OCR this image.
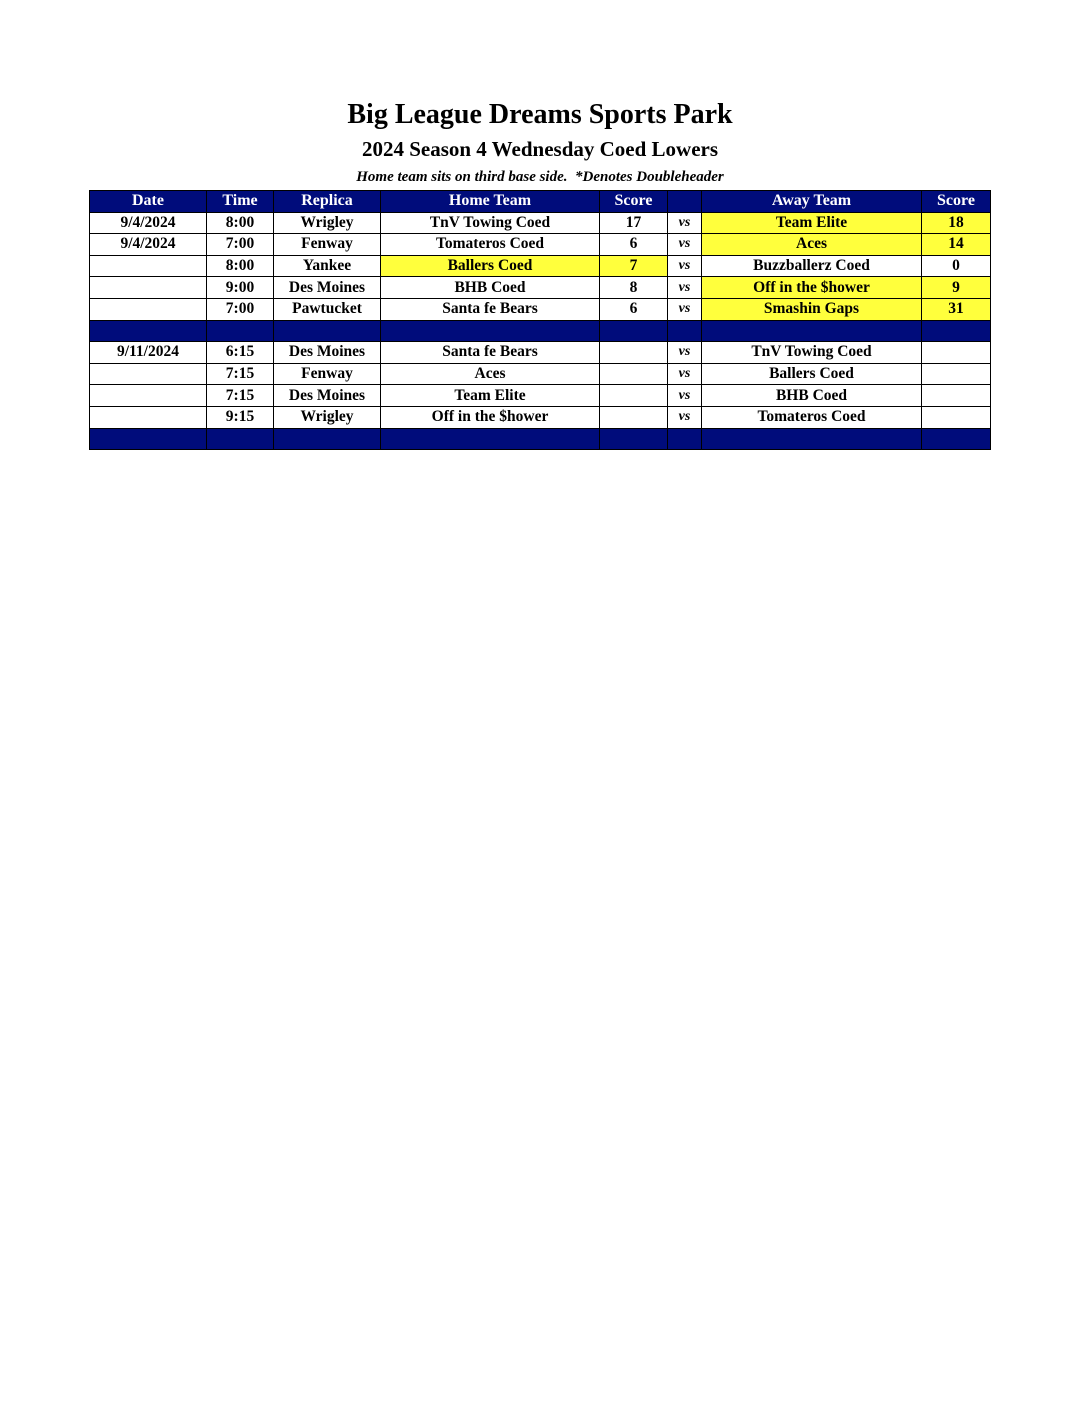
Big League Dreams Sports Park
2024 Season 4 Wednesday Coed Lowers
Home team sits on third base side.  *Denotes Doubleheader
Date	Time	Replica	Home Team	Score		Away Team	Score
9/4/2024	8:00	Wrigley	TnV Towing Coed	17	vs	Team Elite	18
9/4/2024	7:00	Fenway	Tomateros Coed	6	vs	Aces	14
	8:00	Yankee	Ballers Coed	7	vs	Buzzballerz Coed	0
	9:00	Des Moines	BHB Coed	8	vs	Off in the $hower	9
	7:00	Pawtucket	Santa fe Bears	6	vs	Smashin Gaps	31

9/11/2024	6:15	Des Moines	Santa fe Bears		vs	TnV Towing Coed	
	7:15	Fenway	Aces		vs	Ballers Coed	
	7:15	Des Moines	Team Elite		vs	BHB Coed	
	9:15	Wrigley	Off in the $hower		vs	Tomateros Coed	
